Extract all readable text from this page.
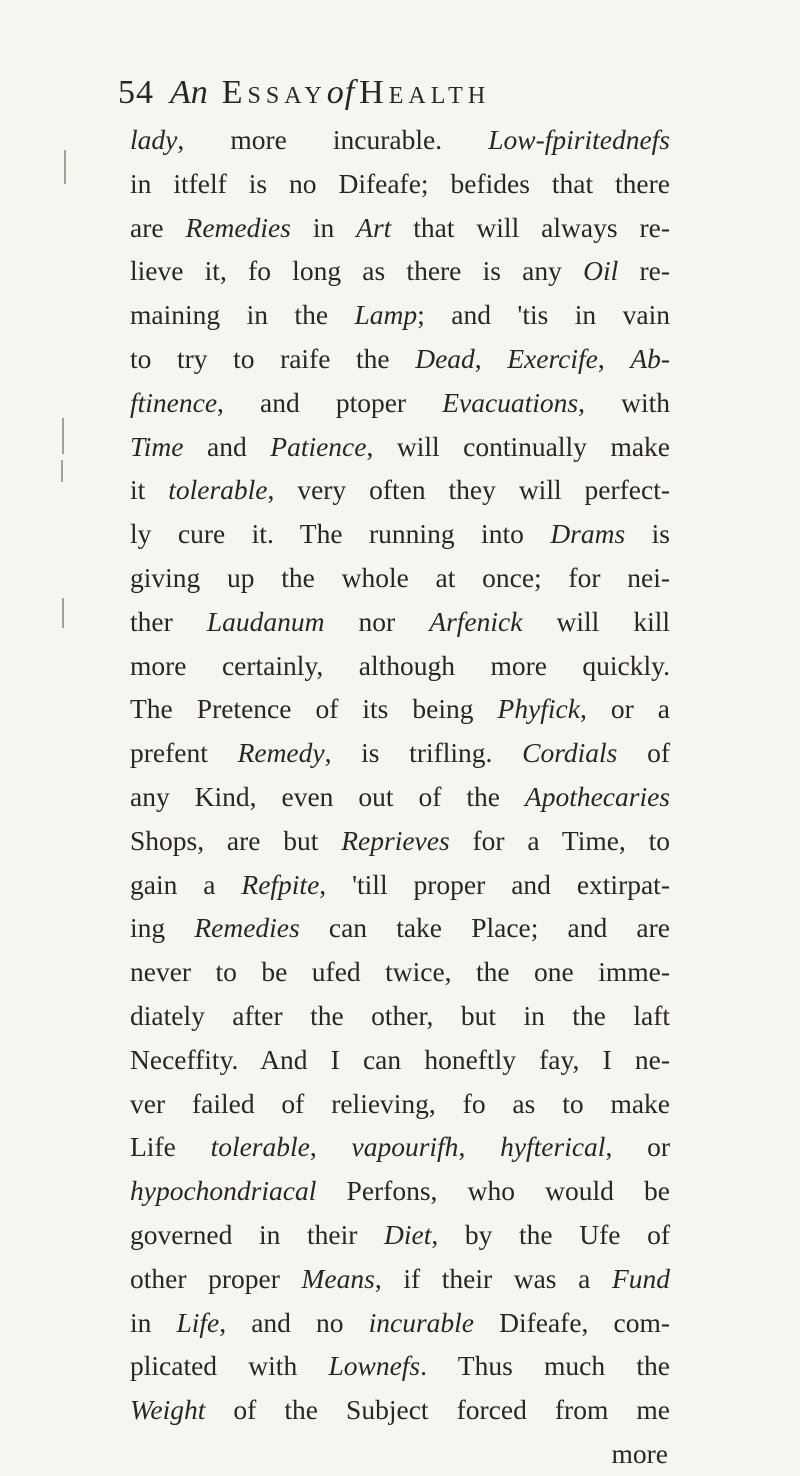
54 An Essayof Health
lady, more incurable. Low-fpiritednefs
in itfelf is no Difeafe; befides that there
are Remedies in Art that will always re-
lieve it, fo long as there is any Oil re-
maining in the Lamp; and 'tis in vain
to try to raife the Dead, Exercife, Ab-
ftinence, and ptoper Evacuations, with
Time and Patience, will continually make
it tolerable, very often they will perfect-
ly cure it. The running into Drams is
giving up the whole at once; for nei-
ther Laudanum nor Arfenick will kill
more certainly, although more quickly.
The Pretence of its being Phyfick, or a
prefent Remedy, is trifling. Cordials of
any Kind, even out of the Apothecaries
Shops, are but Reprieves for a Time, to
gain a Refpite, 'till proper and extirpat-
ing Remedies can take Place; and are
never to be ufed twice, the one imme-
diately after the other, but in the laft
Neceffity. And I can honeftly fay, I ne-
ver failed of relieving, fo as to make
Life tolerable, vapourifh, hyfterical, or
hypochondriacal Perfons, who would be
governed in their Diet, by the Ufe of
other proper Means, if their was a Fund
in Life, and no incurable Difeafe, com-
plicated with Lownefs. Thus much the
Weight of the Subject forced from me
more
